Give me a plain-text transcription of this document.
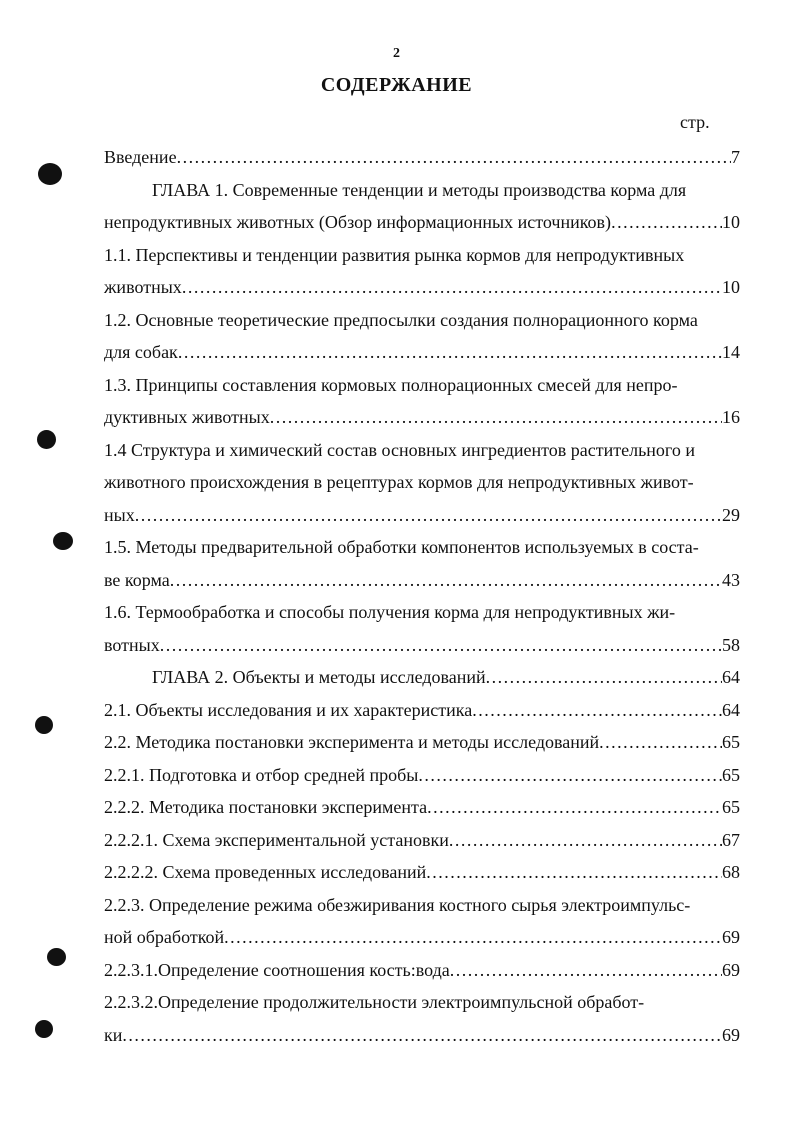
2
СОДЕРЖАНИЕ
стр.
Введение .....	7
ГЛАВА 1. Современные тенденции и методы производства корма для
непродуктивных животных (Обзор информационных источников) .....	10
1.1. Перспективы и тенденции развития рынка кормов для непродуктивных
животных .....	10
1.2. Основные теоретические предпосылки создания полнорационного корма
для собак .....	14
1.3. Принципы составления кормовых полнорационных смесей для непро-
дуктивных животных .....	16
1.4 Структура и химический состав основных ингредиентов растительного и
животного происхождения в рецептурах кормов для непродуктивных живот-
ных .....	29
1.5. Методы предварительной обработки компонентов используемых в соста-
ве корма .....	43
1.6. Термообработка и способы получения корма для непродуктивных жи-
вотных .....	58
ГЛАВА 2. Объекты и методы исследований .....	64
2.1. Объекты исследования и их характеристика .....	64
2.2. Методика постановки эксперимента и методы исследований .....	65
2.2.1. Подготовка и отбор средней пробы .....	65
2.2.2. Методика постановки эксперимента .....	65
2.2.2.1. Схема экспериментальной установки .....	67
2.2.2.2. Схема проведенных исследований .....	68
2.2.3. Определение режима обезжиривания костного сырья электроимпульс-
ной обработкой .....	69
2.2.3.1.Определение соотношения кость:вода .....	69
2.2.3.2.Определение продолжительности электроимпульсной обработ-
ки .....	69
